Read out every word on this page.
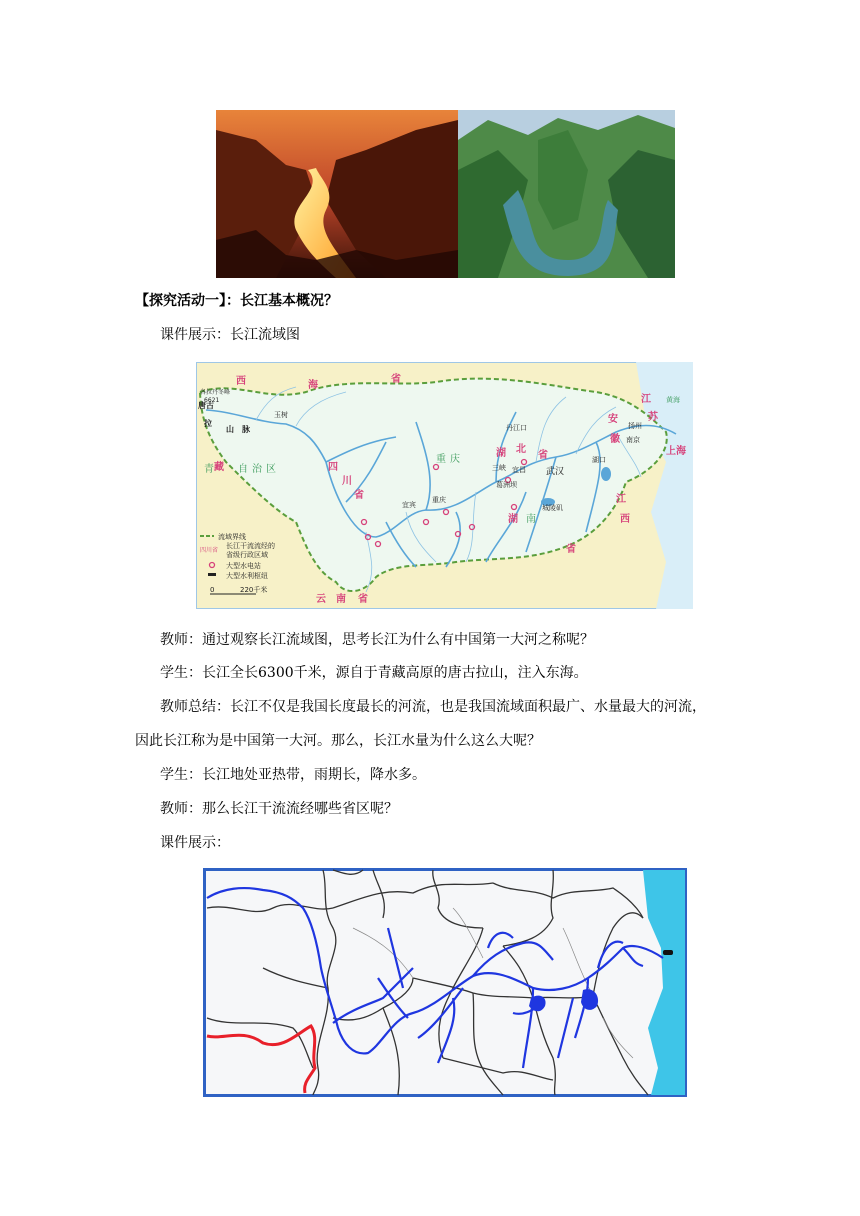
【探究活动一】：长江基本概况？
课件展示：长江流域图
西	海
省
藏	四
川
省
湖 北
省
湖
省
云 南 省
江
西
安
徽
江
苏
上海
青 自 治 区
重 庆
南
唐古
拉
山 脉
各拉丹冬峰
6621
玉树
丹江口
宜宾
重庆
宜昌
三峡
葛洲坝
武汉
城陵矶
湖口
南京
扬州
黄海
流域界线
四川省
长江干流流经的
省级行政区域
大型水电站
大型水利枢纽
0	220千米
教师：通过观察长江流域图，思考长江为什么有中国第一大河之称呢？
学生：长江全长6300千米，源自于青藏高原的唐古拉山，注入东海。
教师总结：长江不仅是我国长度最长的河流，也是我国流域面积最广、水量最大的河流，
因此长江称为是中国第一大河。那么，长江水量为什么这么大呢？
学生：长江地处亚热带，雨期长，降水多。
教师：那么长江干流流经哪些省区呢？
课件展示：
